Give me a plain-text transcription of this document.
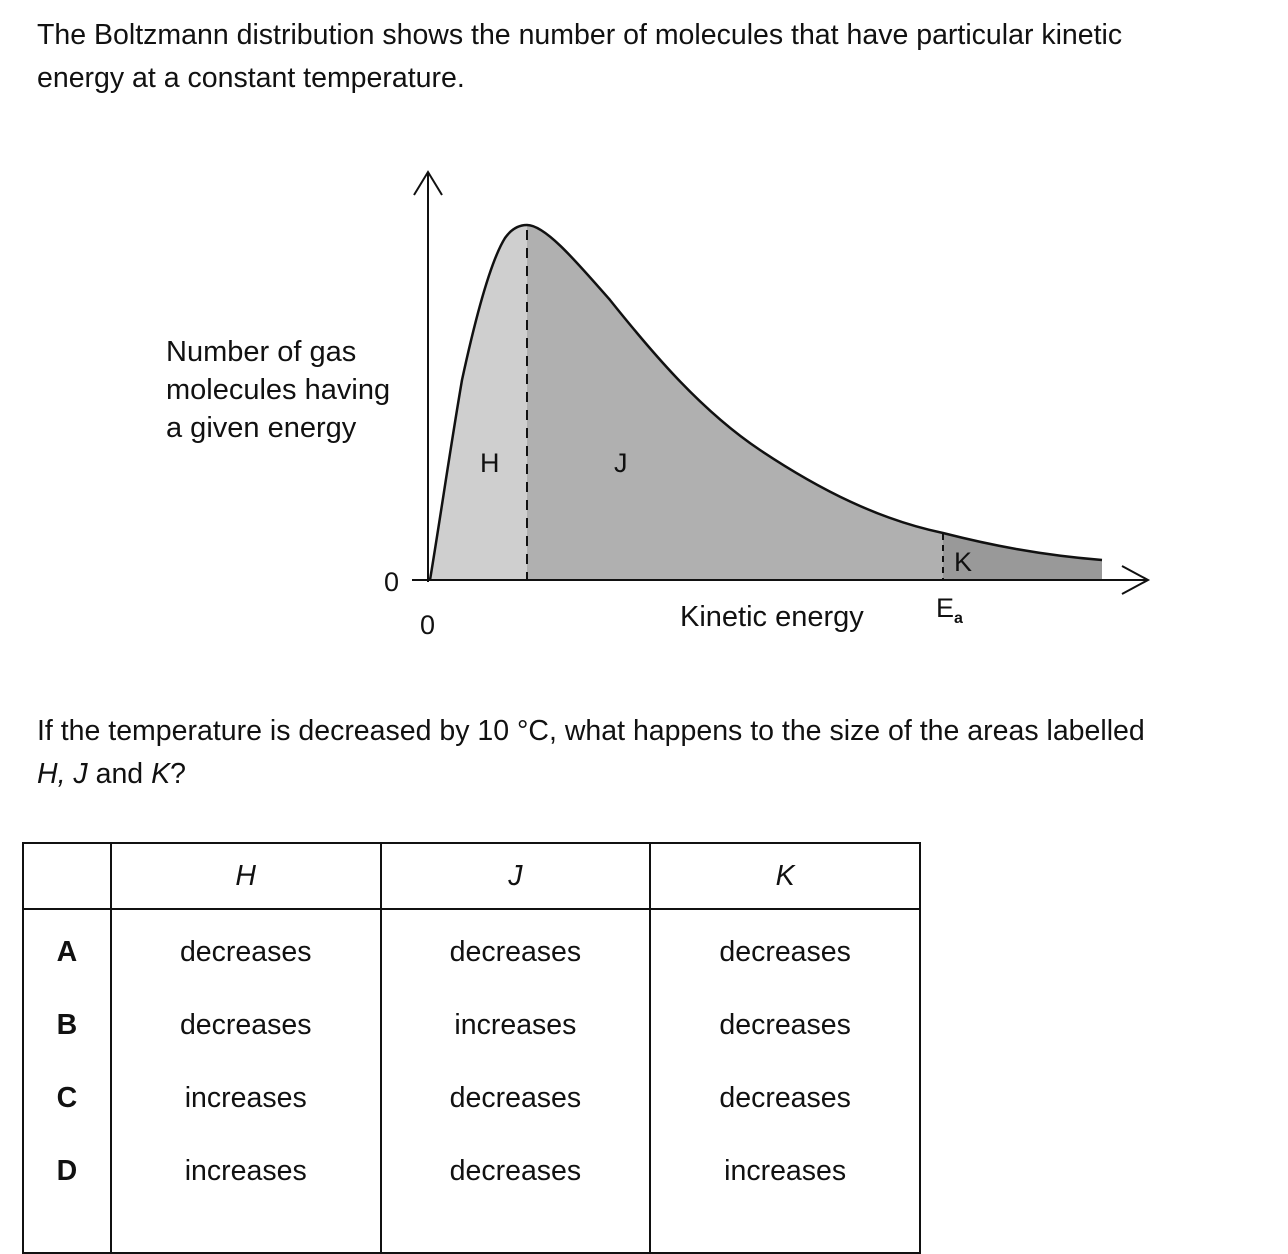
The Boltzmann distribution shows the number of molecules that have particular kinetic
energy at a constant temperature.

Number of gas
molecules having
a given energy
0
0
H	J
K
Kinetic energy	$E_a$

If the temperature is decreased by 10 °C, what happens to the size of the areas labelled
H, J and K?

	H	J	K
A	decreases	decreases	decreases
B	decreases	increases	decreases
C	increases	decreases	decreases
D	increases	decreases	increases
